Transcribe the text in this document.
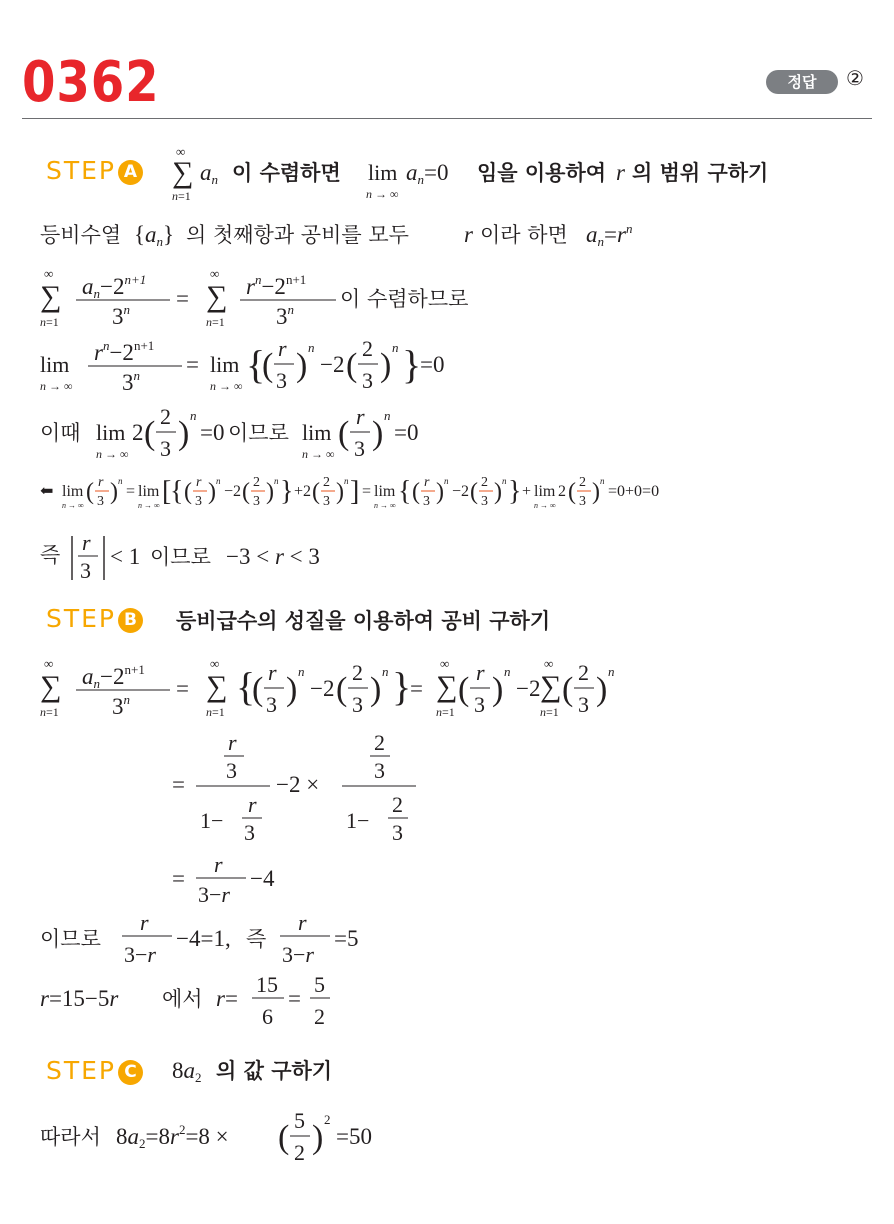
0362	정답	②
STEP A
∞
∑
n=1
an 이 수렴하면 lim
n → ∞
an=0 임을 이용하여 r 의 범위 구하기
등비수열 {an} 의 첫째항과 공비를 모두 r 이라 하면 $an=r^n$
∞
∑
n=1
$an-2^{n+1}$
$3^n$ =
∞
∑
n=1
$r^n-2^{n+1}$
3$^n$ 이 수렴하므로
lim
n → ∞
$r^n-2^{n+1}$
$3^n = \lim$
n → ∞ {
( r
3 ) n
−2 ( 2
3 ) n }
=0
이때 lim
n → ∞
2 ( 2
3 ) n
=0 이므로 lim
n → ∞
( r
3 ) n
=0
⬅ lim
n → ∞
( r
3 ) n
= lim
n → ∞ [
{ ( r
3 ) n
−2 ( 2
3 ) n } +2 ( 2
3 ) n ] = lim
n → ∞ { ( r
3 ) n
−2 ( 2
3 ) n } + lim
n → ∞
2 ( 2
3 ) n
=0+0=0
즉 r
3
< 1 이므로 −3 < r < 3
STEP B 등비급수의 성질을 이용하여 공비 구하기
∞
∑
n=1
$an-2^{n+1}$
$3^n$ =
∞
∑
n=1
{
( r
3 ) n
−2 ( 2
3 ) n }
=
∞
∑
n=1
( r
3 ) n
−2
∞
∑
n=1
( 2
3 ) n
=
r
3
1−
r
3
−2 ×
2
3
1−
2
3
=
r
3−r
−4
이므로
r
3−r
−4=1, 즉
r
3−r
=5
r=15−5r 에서 r=
15
6
=
5
2
STEP C 8a2 의 값 구하기
따라서 $8a2=8r^2=8$ × ( 5
2 ) 2
=50
